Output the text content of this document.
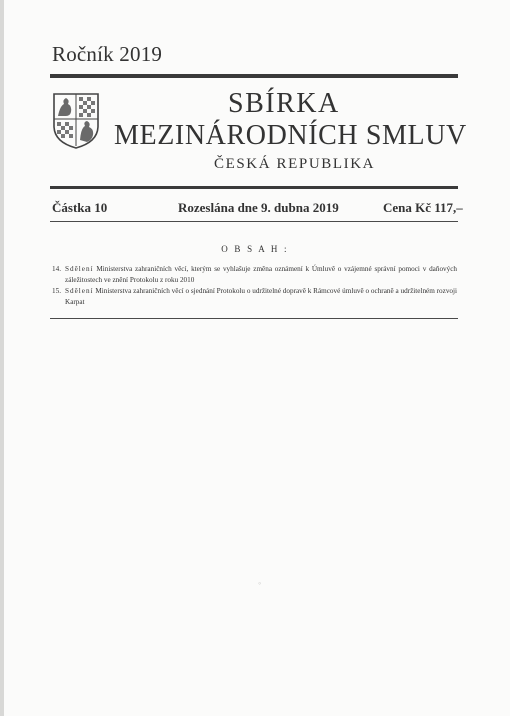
Ročník 2019
SBÍRKA
MEZINÁRODNÍCH SMLUV
ČESKÁ REPUBLIKA
Částka 10	Rozeslána dne 9. dubna 2019	Cena Kč 117,–
O B S A H :
14. Sdělení Ministerstva zahraničních věcí, kterým se vyhlašuje změna oznámení k Úmluvě o vzájemné správní pomoci v daňových záležitostech ve znění Protokolu z roku 2010
15. Sdělení Ministerstva zahraničních věcí o sjednání Protokolu o udržitelné dopravě k Rámcové úmluvě o ochraně a udržitelném rozvoji Karpat
◦
